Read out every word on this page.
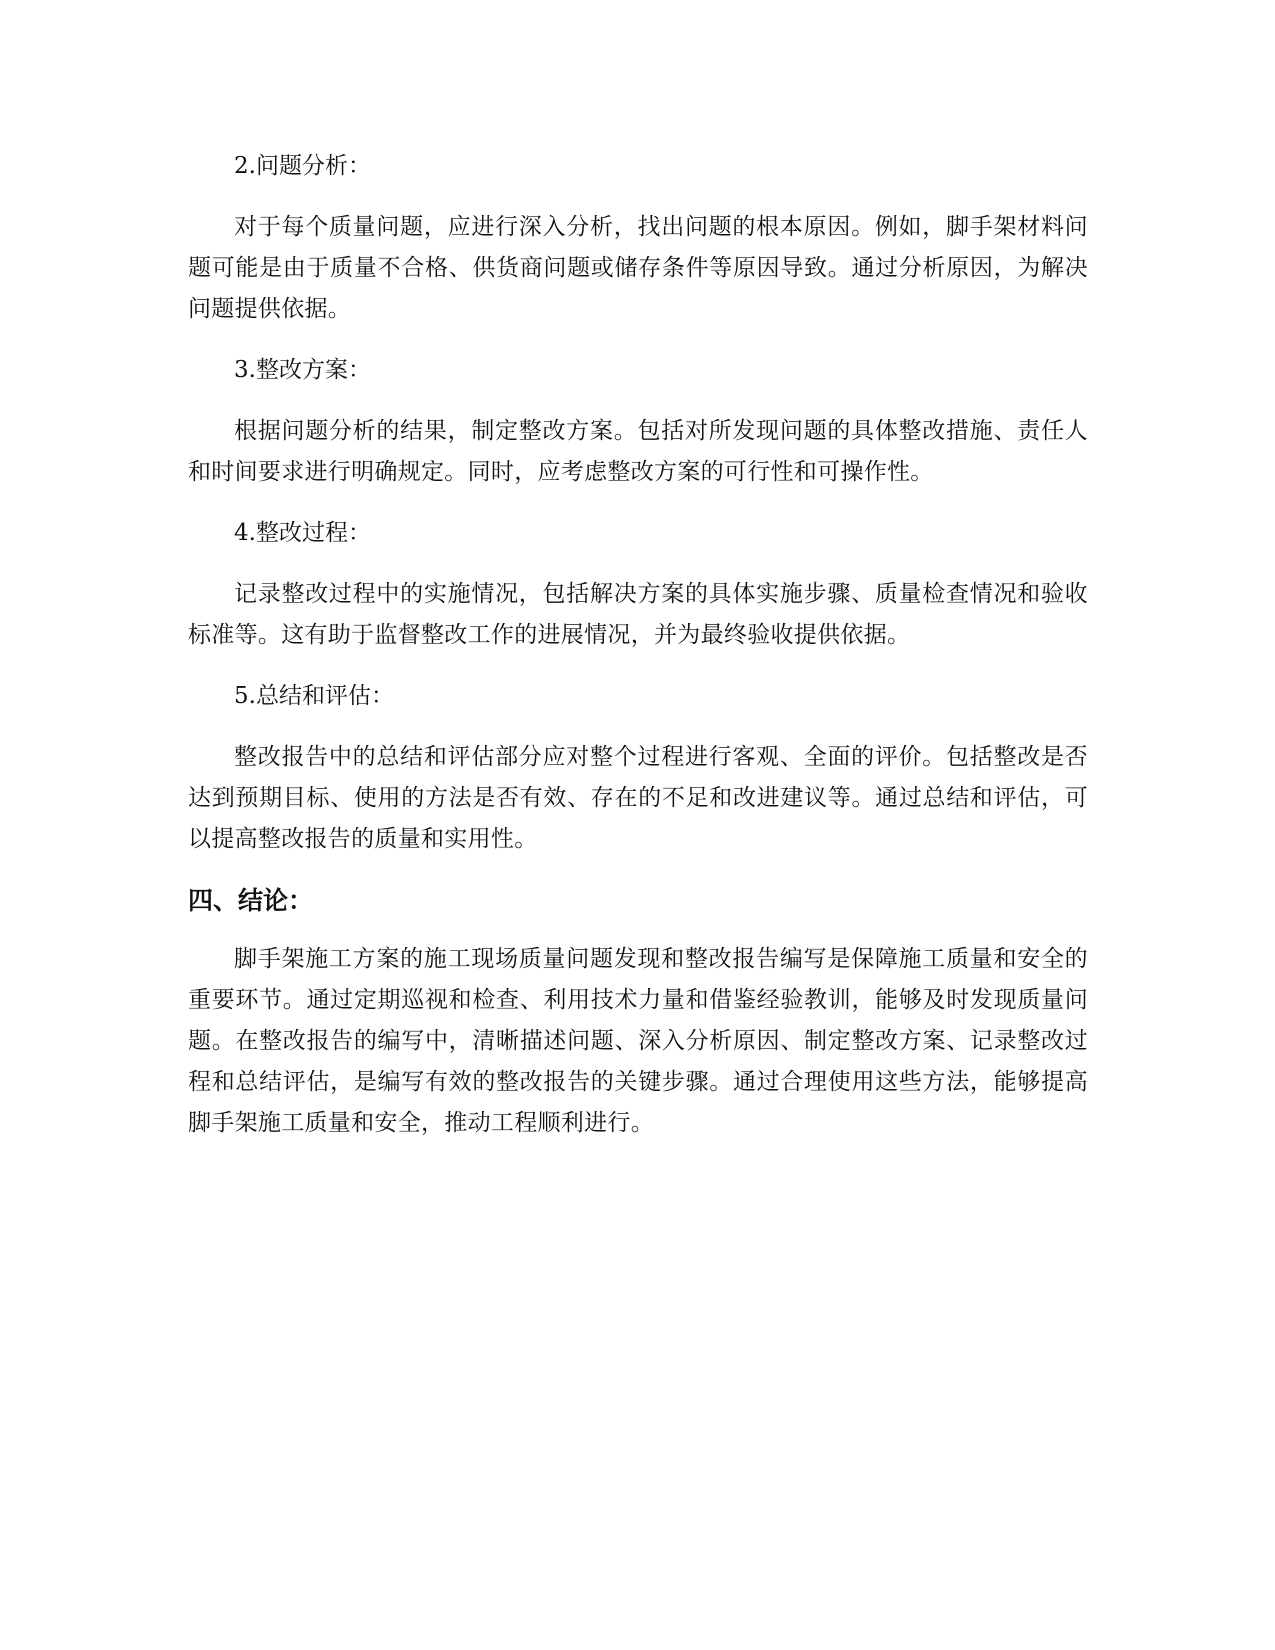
2.问题分析：

对于每个质量问题，应进行深入分析，找出问题的根本原因。例如，脚手架材料问题可能是由于质量不合格、供货商问题或储存条件等原因导致。通过分析原因，为解决问题提供依据。

3.整改方案：

根据问题分析的结果，制定整改方案。包括对所发现问题的具体整改措施、责任人和时间要求进行明确规定。同时，应考虑整改方案的可行性和可操作性。

4.整改过程：

记录整改过程中的实施情况，包括解决方案的具体实施步骤、质量检查情况和验收标准等。这有助于监督整改工作的进展情况，并为最终验收提供依据。

5.总结和评估：

整改报告中的总结和评估部分应对整个过程进行客观、全面的评价。包括整改是否达到预期目标、使用的方法是否有效、存在的不足和改进建议等。通过总结和评估，可以提高整改报告的质量和实用性。

四、结论：

脚手架施工方案的施工现场质量问题发现和整改报告编写是保障施工质量和安全的重要环节。通过定期巡视和检查、利用技术力量和借鉴经验教训，能够及时发现质量问题。在整改报告的编写中，清晰描述问题、深入分析原因、制定整改方案、记录整改过程和总结评估，是编写有效的整改报告的关键步骤。通过合理使用这些方法，能够提高脚手架施工质量和安全，推动工程顺利进行。
